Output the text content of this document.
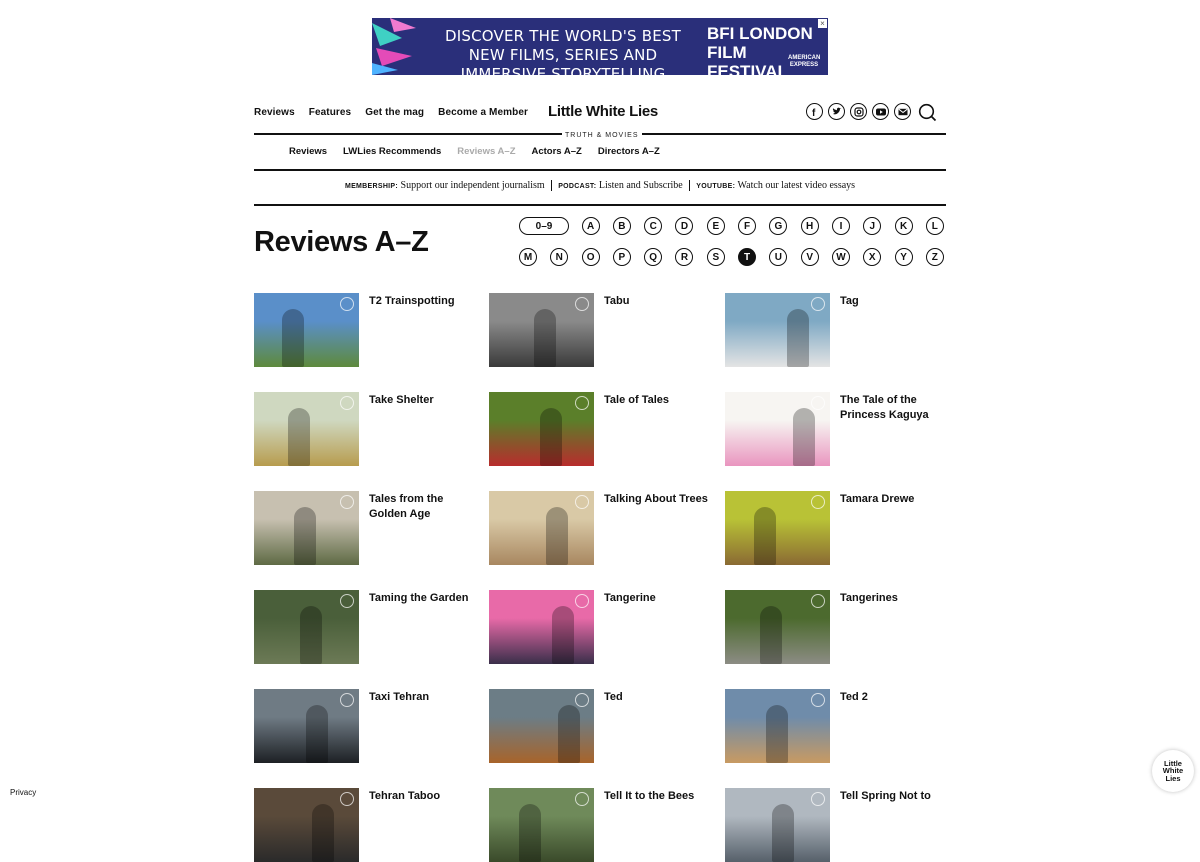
DISCOVER THE WORLD'S BEST NEW FILMS, SERIES AND IMMERSIVE STORYTELLING
BFI LONDON FILM
FESTIVAL 2022
AMERICAN EXPRESS
×
Reviews Features Get the mag Become a Member Little White Lies	f
TRUTH & MOVIES
Reviews LWLies Recommends Reviews A–Z Actors A–Z Directors A–Z
MEMBERSHIP: Support our independent journalism PODCAST: Listen and Subscribe YOUTUBE: Watch our latest video essays
Reviews A–Z	0–9	A	B	C	D	E	F	G	H	I	J	K	L
M	N	O	P	Q	R	S	T	U	V	W	X	Y	Z
T2 Trainspotting	Tabu	Tag
Take Shelter	Tale of Tales	The Tale of the Princess Kaguya
Tales from the Golden Age
Talking About Trees	Tamara Drewe
Taming the Garden	Tangerine	Tangerines
Taxi Tehran	Ted	Ted 2
Tehran Taboo	Tell It to the Bees	Tell Spring Not to
Privacy
Little White Lies
